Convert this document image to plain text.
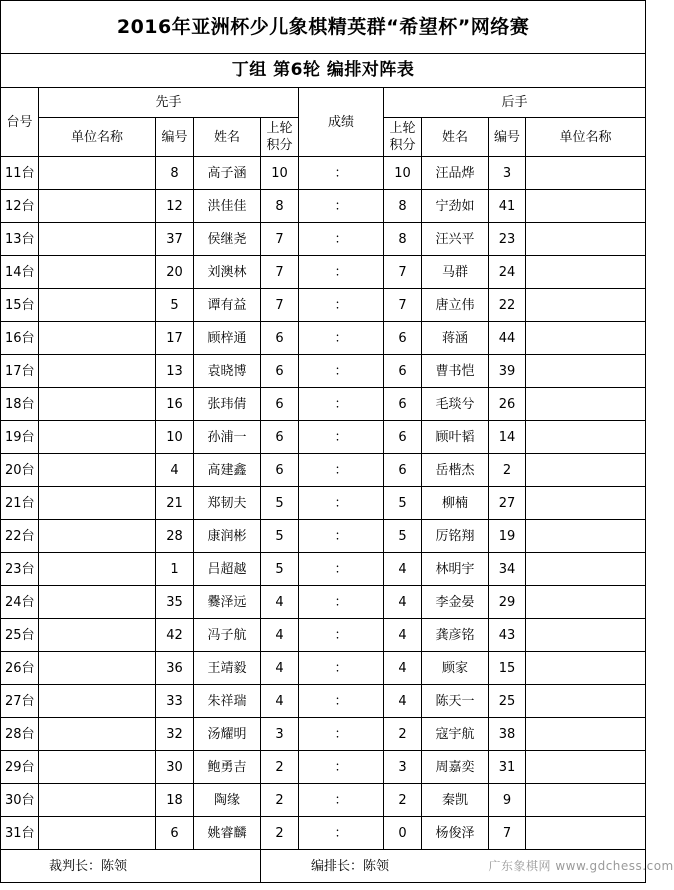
2016年亚洲杯少儿象棋精英群“希望杯”网络赛									
丁组 第6轮 编排对阵表									
台号	先手				成绩	后手			
	单位名称	编号	姓名	上轮积分		上轮积分	姓名	编号	单位名称
11台		8	高子涵	10	：	10	汪品烨	3	
12台		12	洪佳佳	8	：	8	宁劲如	41	
13台		37	侯继尧	7	：	8	汪兴平	23	
14台		20	刘澳林	7	：	7	马群	24	
15台		5	谭有益	7	：	7	唐立伟	22	
16台		17	顾梓通	6	：	6	蒋涵	44	
17台		13	袁晓博	6	：	6	曹书恺	39	
18台		16	张玮倩	6	：	6	毛琰兮	26	
19台		10	孙浦一	6	：	6	顾叶韬	14	
20台		4	高建鑫	6	：	6	岳楷杰	2	
21台		21	郑韧夫	5	：	5	柳楠	27	
22台		28	康润彬	5	：	5	厉铭翔	19	
23台		1	吕超越	5	：	4	林明宇	34	
24台		35	爨泽远	4	：	4	李金晏	29	
25台		42	冯子航	4	：	4	龚彦铭	43	
26台		36	王靖毅	4	：	4	顾家	15	
27台		33	朱祥瑞	4	：	4	陈天一	25	
28台		32	汤耀明	3	：	2	寇宇航	38	
29台		30	鲍勇吉	2	：	3	周嘉奕	31	
30台		18	陶缘	2	：	2	秦凯	9	
31台		6	姚睿麟	2	：	0	杨俊泽	7	
裁判长：陈领				编排长：陈领				广东象棋网 www.gdchess.com	
